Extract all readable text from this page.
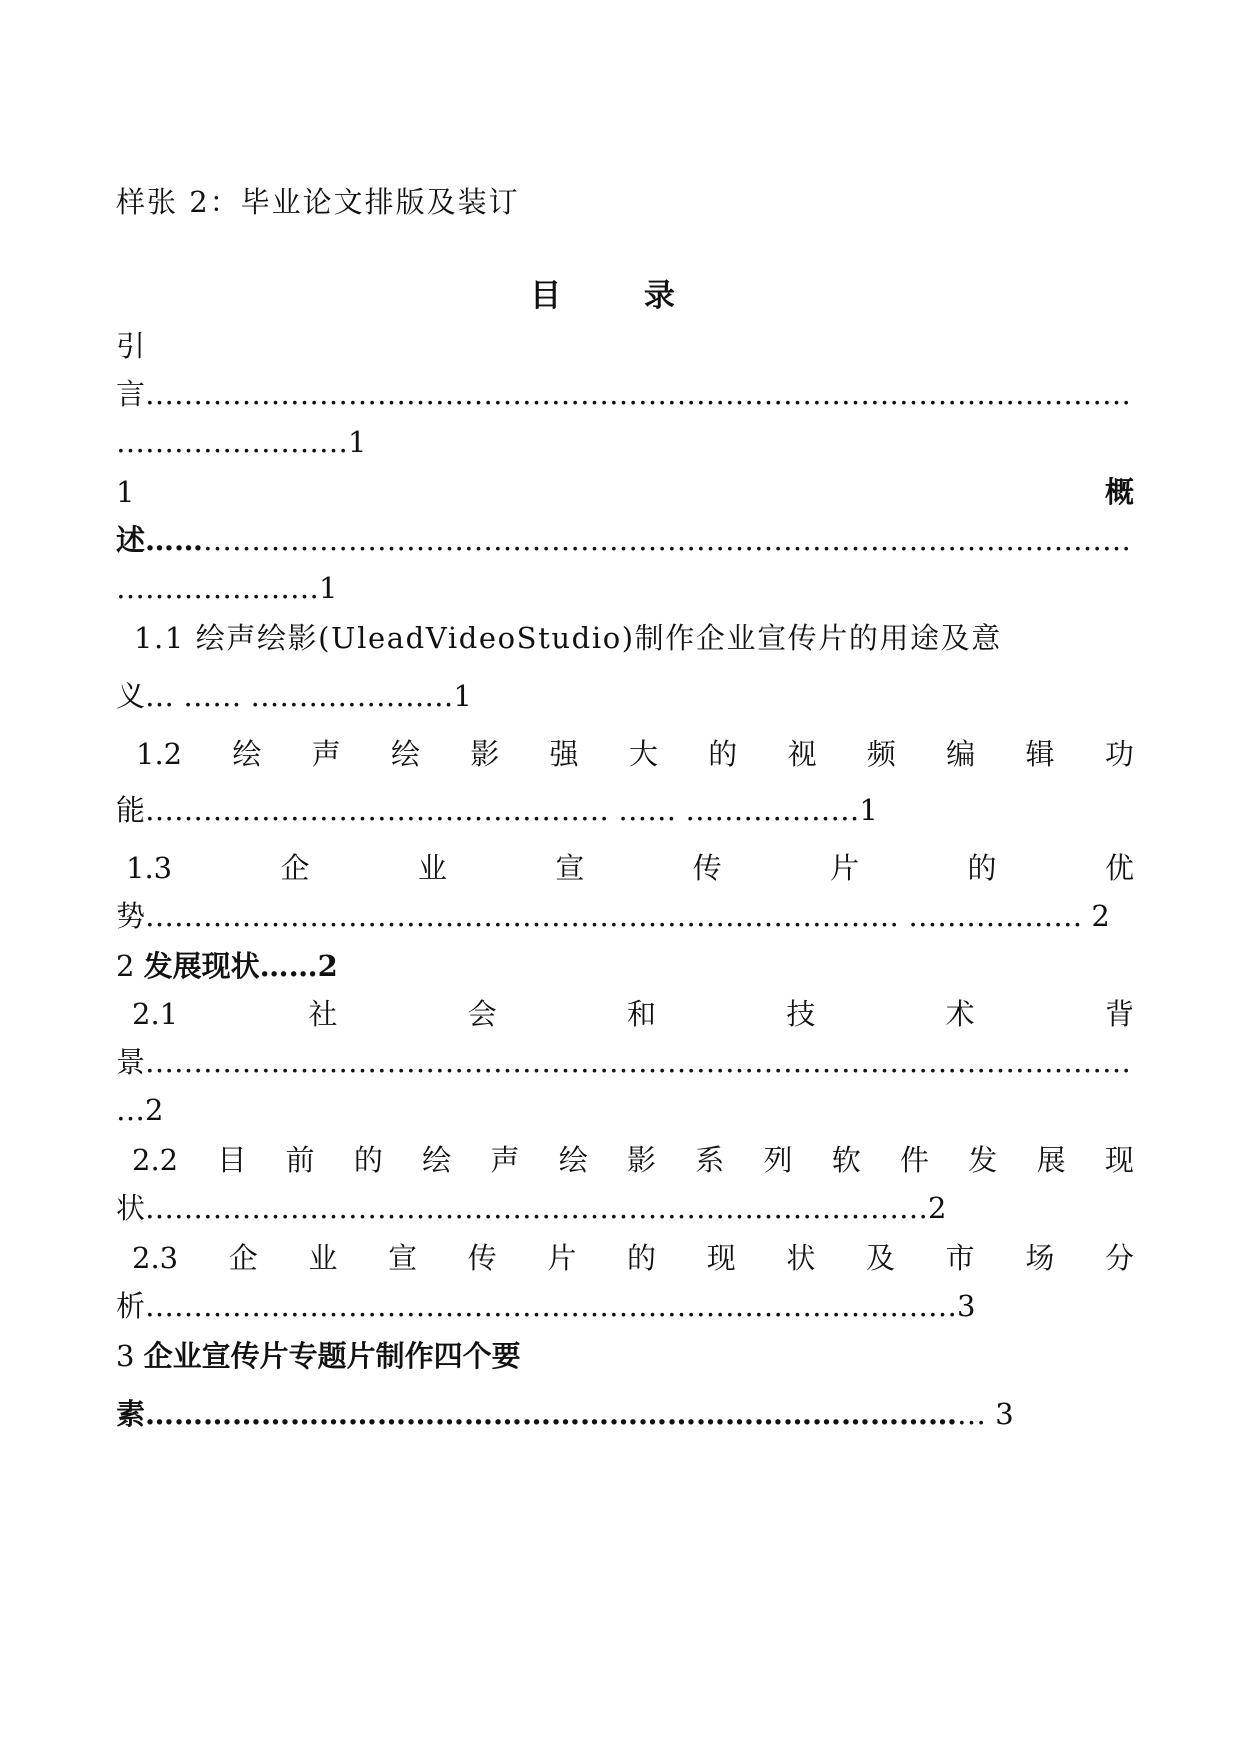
样张 2：毕业论文排版及装订
目 录
引
言…………………………………………………………………………………………
……………………1
1	概
述…………………………………………………………………………………………
…………………1
1.1 绘声绘影(UleadVideoStudio)制作企业宣传片的用途及意
义… …… …………………1
1.2 绘 声 绘 影 强 大 的 视 频 编 辑 功
能………………………………………… …… ………………1
1.3	企	业	宣	传	片	的	优
势…………………………………………………………………… ……………… 2
2 发展现状……2
2.1	社	会	和	技	术	背
景…………………………………………………………………………………………
…2
2.2 目 前 的 绘 声 绘 影 系 列 软 件 发 展 现
状………………………………………………………………………2
2.3 企 业 宣 传 片 的 现 状 及 市 场 分
析…………………………………………………………………………3
3 企业宣传片专题片制作四个要
素…………………………………………………………………………… 3
